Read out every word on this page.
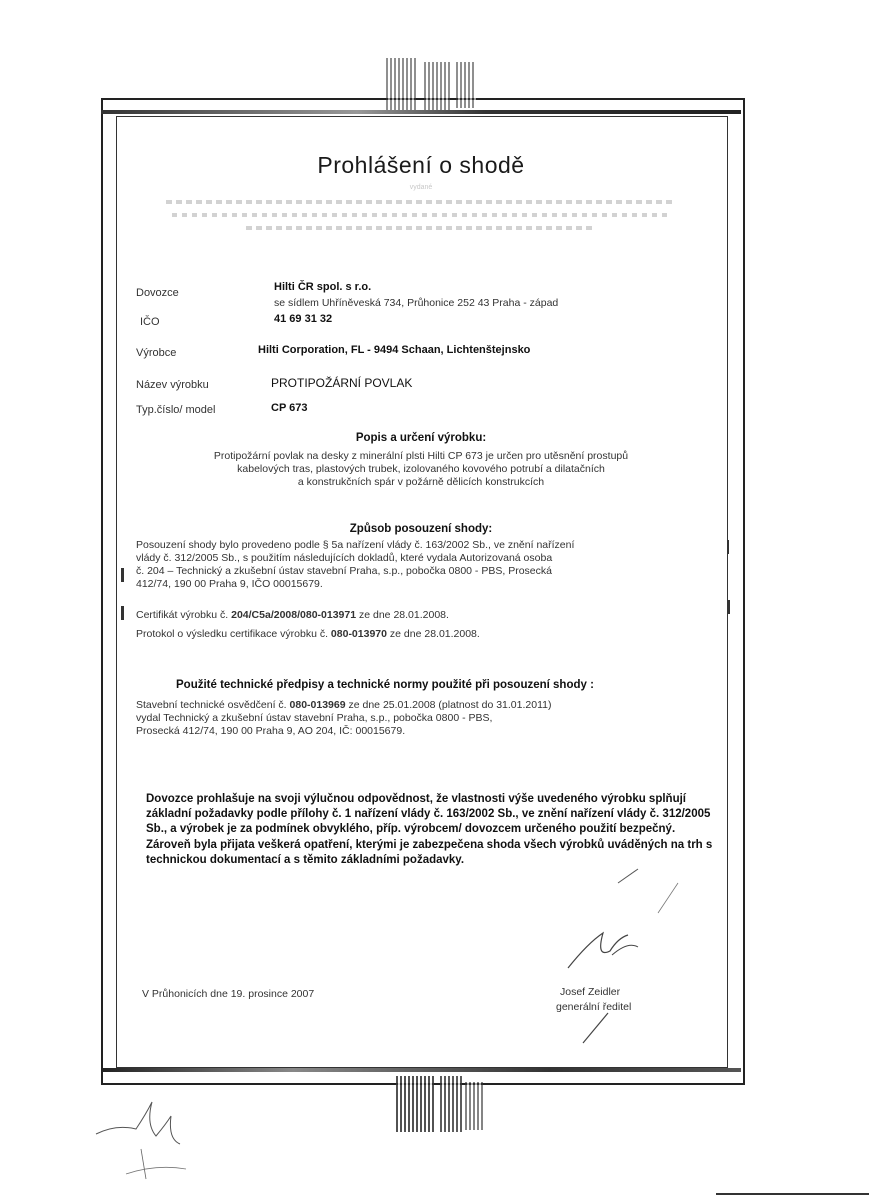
Prohlášení o shodě
vydané
Dovozce	Hilti ČR spol. s r.o.
se sídlem Uhříněveská 734, Průhonice 252 43 Praha - západ
IČO	41 69 31 32
Výrobce	Hilti Corporation, FL - 9494 Schaan, Lichtenštejnsko
Název výrobku	PROTIPOŽÁRNÍ POVLAK
Typ.číslo/ model	CP 673
Popis a určení výrobku:
Protipožární povlak na desky z minerální plsti Hilti CP 673 je určen pro utěsnění prostupů
kabelových tras, plastových trubek, izolovaného kovového potrubí a dilatačních
a konstrukčních spár v požárně dělicích konstrukcích
Způsob posouzení shody:
Posouzení shody bylo provedeno podle § 5a nařízení vlády č. 163/2002 Sb., ve znění nařízení
vlády č. 312/2005 Sb., s použitím následujících dokladů, které vydala Autorizovaná osoba
č. 204 – Technický a zkušební ústav stavební Praha, s.p., pobočka 0800 - PBS, Prosecká
412/74, 190 00 Praha 9, IČO 00015679.
Certifikát výrobku č. 204/C5a/2008/080-013971 ze dne 28.01.2008.
Protokol o výsledku certifikace výrobku č. 080-013970 ze dne 28.01.2008.
Použité technické předpisy a technické normy použité při posouzení shody :
Stavební technické osvědčení č. 080-013969 ze dne 25.01.2008 (platnost do 31.01.2011)
vydal Technický a zkušební ústav stavební Praha, s.p., pobočka 0800 - PBS,
Prosecká 412/74, 190 00 Praha 9, AO 204, IČ: 00015679.
Dovozce prohlašuje na svoji výlučnou odpovědnost, že vlastnosti výše uvedeného výrobku splňují základní požadavky podle přílohy č. 1 nařízení vlády č. 163/2002 Sb., ve znění nařízení vlády č. 312/2005 Sb., a výrobek je za podmínek obvyklého, příp. výrobcem/ dovozcem určeného použití bezpečný. Zároveň byla přijata veškerá opatření, kterými je zabezpečena shoda všech výrobků uváděných na trh s technickou dokumentací a s těmito základními požadavky.
V Průhonicích dne 19. prosince 2007	Josef Zeidler
generální ředitel
